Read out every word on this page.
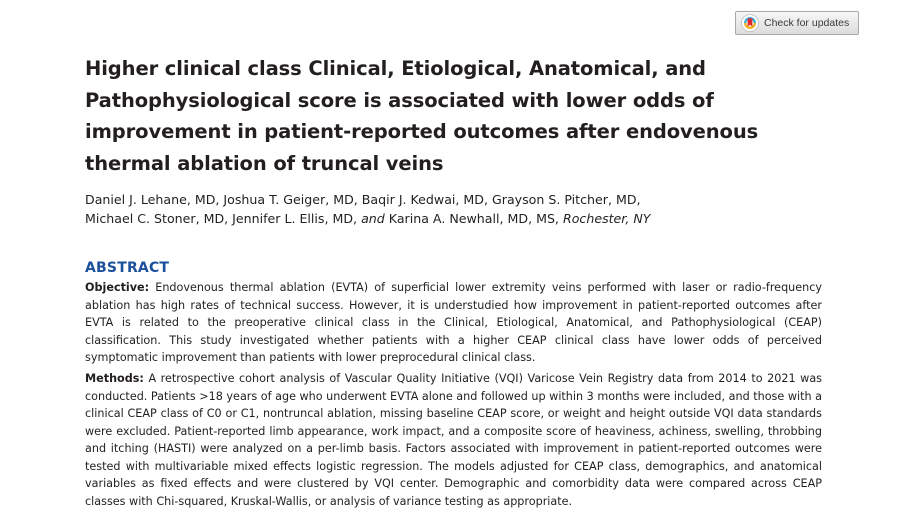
Check for updates
Higher clinical class Clinical, Etiological, Anatomical, and Pathophysiological score is associated with lower odds of improvement in patient-reported outcomes after endovenous thermal ablation of truncal veins

Daniel J. Lehane, MD, Joshua T. Geiger, MD, Baqir J. Kedwai, MD, Grayson S. Pitcher, MD,
Michael C. Stoner, MD, Jennifer L. Ellis, MD, and Karina A. Newhall, MD, MS, Rochester, NY

ABSTRACT

Objective: Endovenous thermal ablation (EVTA) of superficial lower extremity veins performed with laser or radio-frequency ablation has high rates of technical success. However, it is understudied how improvement in patient-reported outcomes after EVTA is related to the preoperative clinical class in the Clinical, Etiological, Anatomical, and Pathophysiological (CEAP) classification. This study investigated whether patients with a higher CEAP clinical class have lower odds of perceived symptomatic improvement than patients with lower preprocedural clinical class.

Methods: A retrospective cohort analysis of Vascular Quality Initiative (VQI) Varicose Vein Registry data from 2014 to 2021 was conducted. Patients >18 years of age who underwent EVTA alone and followed up within 3 months were included, and those with a clinical CEAP class of C0 or C1, nontruncal ablation, missing baseline CEAP score, or weight and height outside VQI data standards were excluded. Patient-reported limb appearance, work impact, and a composite score of heaviness, achiness, swelling, throbbing and itching (HASTI) were analyzed on a per-limb basis. Factors associated with improvement in patient-reported outcomes were tested with multivariable mixed effects logistic regression. The models adjusted for CEAP class, demographics, and anatomical variables as fixed effects and were clustered by VQI center. Demographic and comorbidity data were compared across CEAP classes with Chi-squared, Kruskal-Wallis, or analysis of variance testing as appropriate.
